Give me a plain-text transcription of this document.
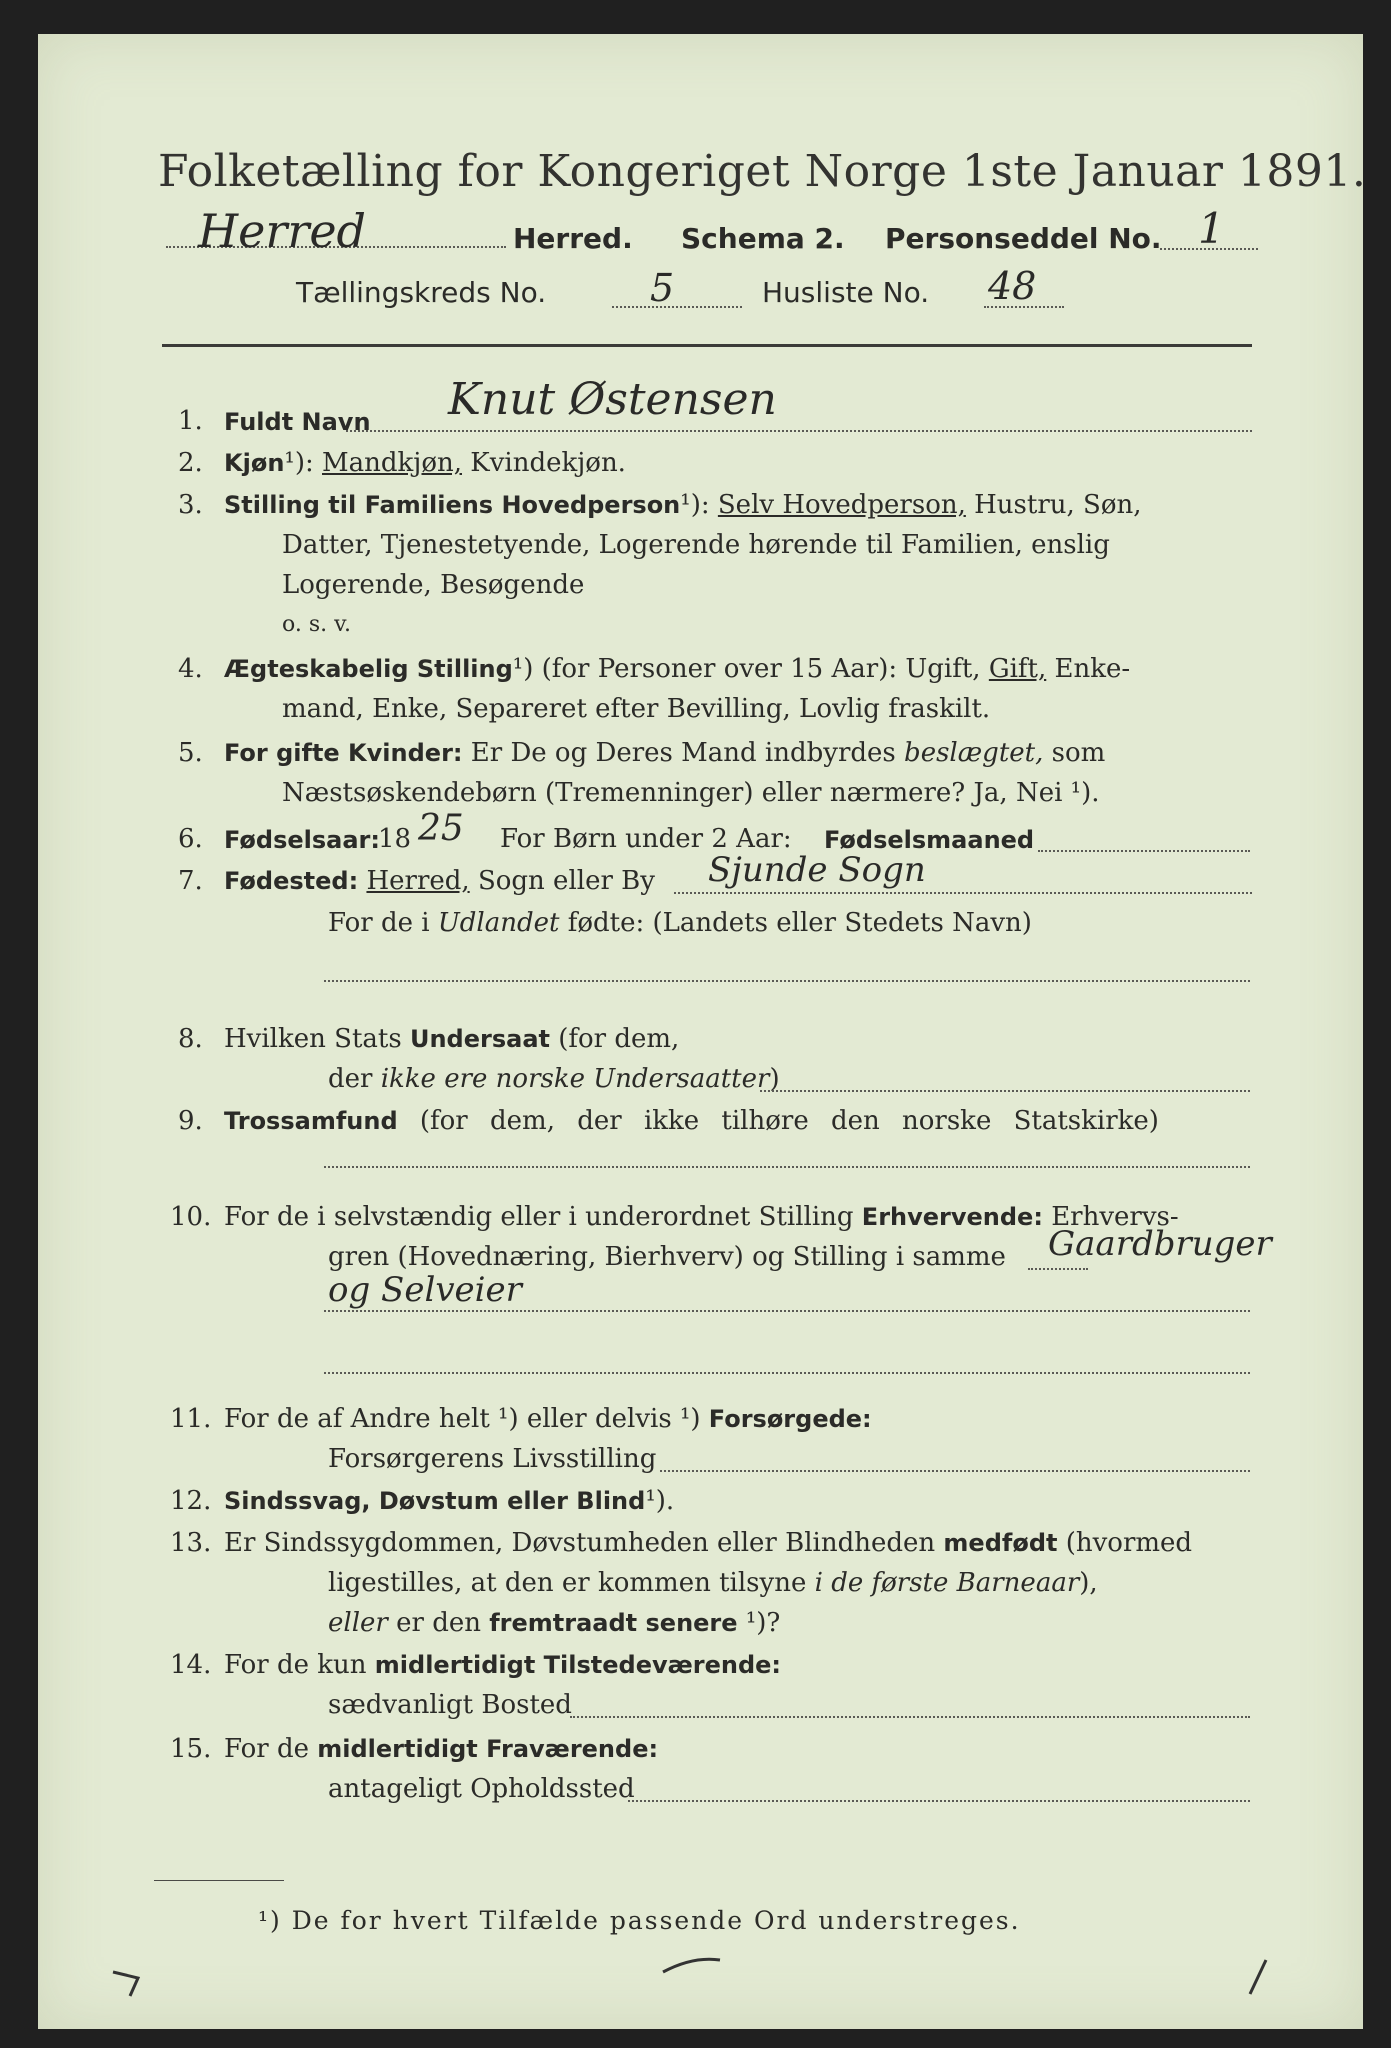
Folketælling for Kongeriget Norge 1ste Januar 1891.
Herred	Herred. Schema 2. Personseddel No. 1
Tællingskreds No.	5	Husliste No. 48
1. Fuldt Navn Knut Østensen
2. Kjøn¹): Mandkjøn, Kvindekjøn.
3. Stilling til Familiens Hovedperson¹): Selv Hovedperson, Hustru, Søn,
Datter, Tjenestetyende, Logerende hørende til Familien, enslig
Logerende, Besøgende
o. s. v.
4. Ægteskabelig Stilling¹) (for Personer over 15 Aar): Ugift, Gift, Enke-
mand, Enke, Separeret efter Bevilling, Lovlig fraskilt.
5. For gifte Kvinder: Er De og Deres Mand indbyrdes beslægtet, som
Næstsøskendebørn (Tremenninger) eller nærmere? Ja, Nei ¹).
6. Fødselsaar:
18 25 For Børn under 2 Aar: Fødselsmaaned
7. Fødested: Herred, Sogn eller By Sjunde Sogn
For de i Udlandet fødte: (Landets eller Stedets Navn)
8. Hvilken Stats Undersaat (for dem,
der ikke ere norske Undersaatter)
9. Trossamfund (for dem, der ikke tilhøre den norske Statskirke)
10. For de i selvstændig eller i underordnet Stilling Erhvervende: Erhvervs-
gren (Hovednæring, Bierhverv) og Stilling i samme Gaardbruger
og Selveier
11. For de af Andre helt ¹) eller delvis ¹) Forsørgede:
Forsørgerens Livsstilling
12. Sindssvag, Døvstum eller Blind¹).
13. Er Sindssygdommen, Døvstumheden eller Blindheden medfødt (hvormed
ligestilles, at den er kommen tilsyne i de første Barneaar),
eller er den fremtraadt senere ¹)?
14. For de kun midlertidigt Tilstedeværende:
sædvanligt Bosted
15. For de midlertidigt Fraværende:
antageligt Opholdssted
¹) De for hvert Tilfælde passende Ord understreges.
